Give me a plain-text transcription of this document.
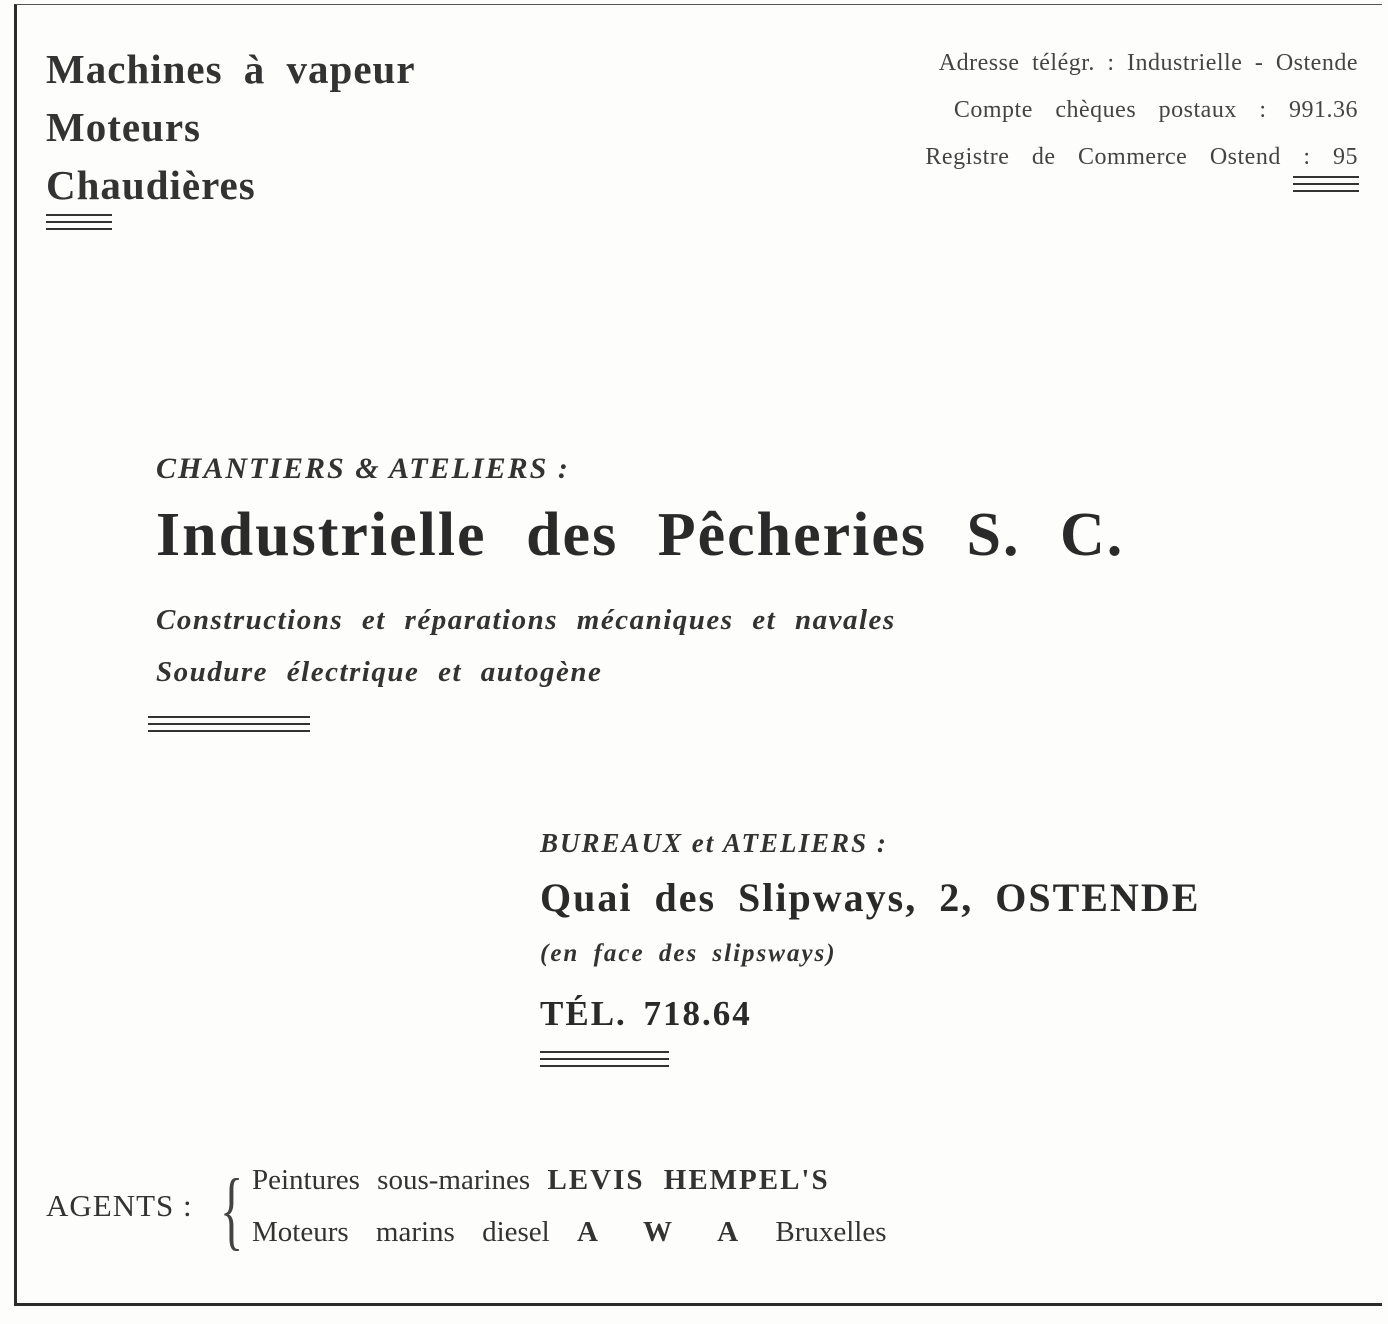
Machines à vapeur
Moteurs
Chaudières
Adresse télégr. : Industrielle - Ostende
Compte chèques postaux : 991.36
Registre de Commerce Ostend : 95
CHANTIERS & ATELIERS :
Industrielle des Pêcheries S. C.
Constructions et réparations mécaniques et navales
Soudure électrique et autogène
BUREAUX et ATELIERS :
Quai des Slipways, 2, OSTENDE
(en face des slipsways)
TÉL. 718.64
AGENTS : { Peintures sous-marines LEVIS HEMPEL'S
Moteurs marins diesel A W A Bruxelles
